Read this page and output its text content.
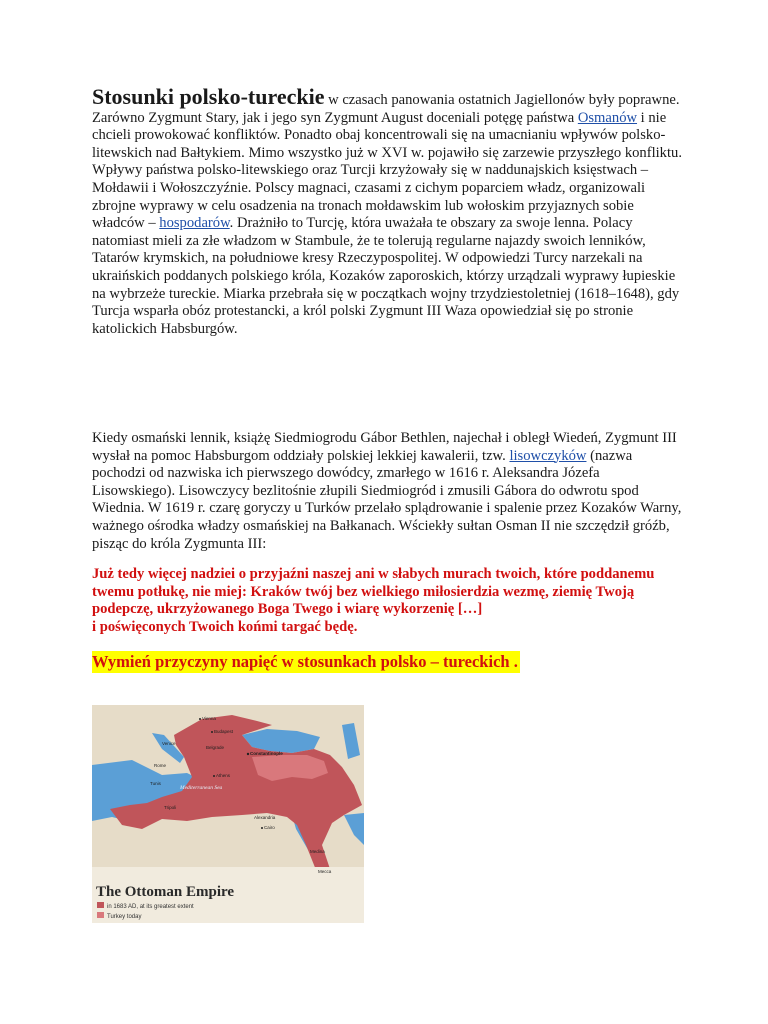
Stosunki polsko-tureckie w czasach panowania ostatnich Jagiellonów były poprawne. Zarówno Zygmunt Stary, jak i jego syn Zygmunt August doceniali potęgę państwa Osmanów i nie chcieli prowokować konfliktów. Ponadto obaj koncentrowali się na umacnianiu wpływów polsko-litewskich nad Bałtykiem. Mimo wszystko już w XVI w. pojawiło się zarzewie przyszłego konfliktu. Wpływy państwa polsko-litewskiego oraz Turcji krzyżowały się w naddunajskich księstwach – Mołdawii i Wołoszczyźnie. Polscy magnaci, czasami z cichym poparciem władz, organizowali zbrojne wyprawy w celu osadzenia na tronach mołdawskim lub wołoskim przyjaznych sobie władców – hospodarów. Drażniło to Turcję, która uważała te obszary za swoje lenna. Polacy natomiast mieli za złe władzom w Stambule, że te tolerują regularne najazdy swoich lenników, Tatarów krymskich, na południowe kresy Rzeczypospolitej. W odpowiedzi Turcy narzekali na ukraińskich poddanych polskiego króla, Kozaków zaporoskich, którzy urządzali wyprawy łupieskie na wybrzeże tureckie. Miarka przebrała się w początkach wojny trzydziestoletniej (1618–1648), gdy Turcja wsparła obóz protestancki, a król polski Zygmunt III Waza opowiedział się po stronie katolickich Habsburgów.

Kiedy osmański lennik, książę Siedmiogrodu Gábor Bethlen, najechał i obległ Wiedeń, Zygmunt III wysłał na pomoc Habsburgom oddziały polskiej lekkiej kawalerii, tzw. lisowczyków (nazwa pochodzi od nazwiska ich pierwszego dowódcy, zmarłego w 1616 r. Aleksandra Józefa Lisowskiego). Lisowczycy bezlitośnie złupili Siedmiogród i zmusili Gábora do odwrotu spod Wiednia. W 1619 r. czarę goryczy u Turków przelało splądrowanie i spalenie przez Kozaków Warny, ważnego ośrodka władzy osmańskiej na Bałkanach. Wściekły sułtan Osman II nie szczędził gróźb, pisząc do króla Zygmunta III:

Już tedy więcej nadziei o przyjaźni naszej ani w słabych murach twoich, które poddanemu twemu potłukę, nie miej: Kraków twój bez wielkiego miłosierdzia wezmę, ziemię Twoją podepczę, ukrzyżowanego Boga Twego i wiarę wykorzenię […]
i poświęconych Twoich końmi targać będę.

Wymień przyczyny napięć w stosunkach polsko – tureckich .

The Ottoman Empire
in 1683 AD, at its greatest extent
Turkey today
Mediterranean Sea
Vienna
Budapest
Venice
Belgrade
Rome
Constantinople
Athens
Tunis
Tripoli
Alexandria
Cairo
Medina
Mecca
